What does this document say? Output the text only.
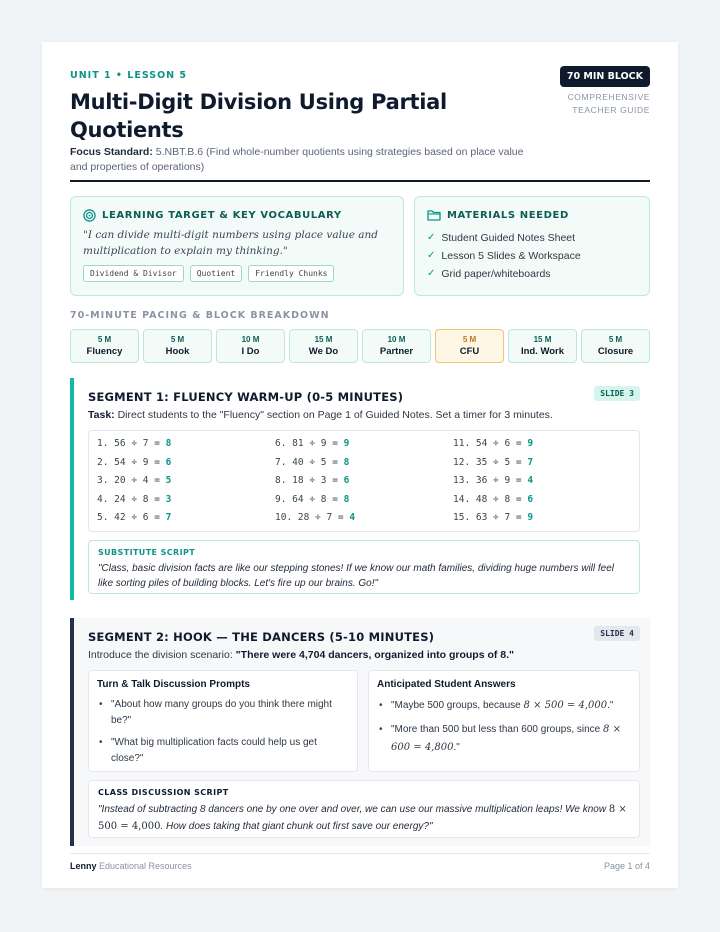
UNIT 1 • LESSON 5
Multi-Digit Division Using Partial Quotients
Focus Standard: 5.NBT.B.6 (Find whole-number quotients using strategies based on place value and properties of operations)
70 MIN BLOCK
COMPREHENSIVE
TEACHER GUIDE
LEARNING TARGET & KEY VOCABULARY
"I can divide multi-digit numbers using place value and multiplication to explain my thinking."
Dividend & Divisor	Quotient	Friendly Chunks
MATERIALS NEEDED
✓ Student Guided Notes Sheet
✓ Lesson 5 Slides & Workspace
✓ Grid paper/whiteboards
70-MINUTE PACING & BLOCK BREAKDOWN
5 M
Fluency
5 M
Hook
10 M
I Do
15 M
We Do
10 M
Partner
5 M
CFU
15 M
Ind. Work
5 M
Closure
SEGMENT 1: FLUENCY WARM-UP (0-5 MINUTES)	SLIDE 3
Task: Direct students to the "Fluency" section on Page 1 of Guided Notes. Set a timer for 3 minutes.
1. 56 ÷ 7 = 8	6. 81 ÷ 9 = 9	11. 54 ÷ 6 = 9
2. 54 ÷ 9 = 6	7. 40 ÷ 5 = 8	12. 35 ÷ 5 = 7
3. 20 ÷ 4 = 5	8. 18 ÷ 3 = 6	13. 36 ÷ 9 = 4
4. 24 ÷ 8 = 3	9. 64 ÷ 8 = 8	14. 48 ÷ 8 = 6
5. 42 ÷ 6 = 7	10. 28 ÷ 7 = 4	15. 63 ÷ 7 = 9
SUBSTITUTE SCRIPT
"Class, basic division facts are like our stepping stones! If we know our math families, dividing huge numbers will feel like sorting piles of building blocks. Let's fire up our brains. Go!"
SEGMENT 2: HOOK — THE DANCERS (5-10 MINUTES)	SLIDE 4
Introduce the division scenario: "There were 4,704 dancers, organized into groups of 8."
Turn & Talk Discussion Prompts
• "About how many groups do you think there might be?"
• "What big multiplication facts could help us get close?"
Anticipated Student Answers
• "Maybe 500 groups, because 8 × 500 = 4,000."
• "More than 500 but less than 600 groups, since 8 × 600 = 4,800."
CLASS DISCUSSION SCRIPT
"Instead of subtracting 8 dancers one by one over and over, we can use our massive multiplication leaps! We know 8 × 500 = 4,000. How does taking that giant chunk out first save our energy?"
Lenny Educational Resources	Page 1 of 4
